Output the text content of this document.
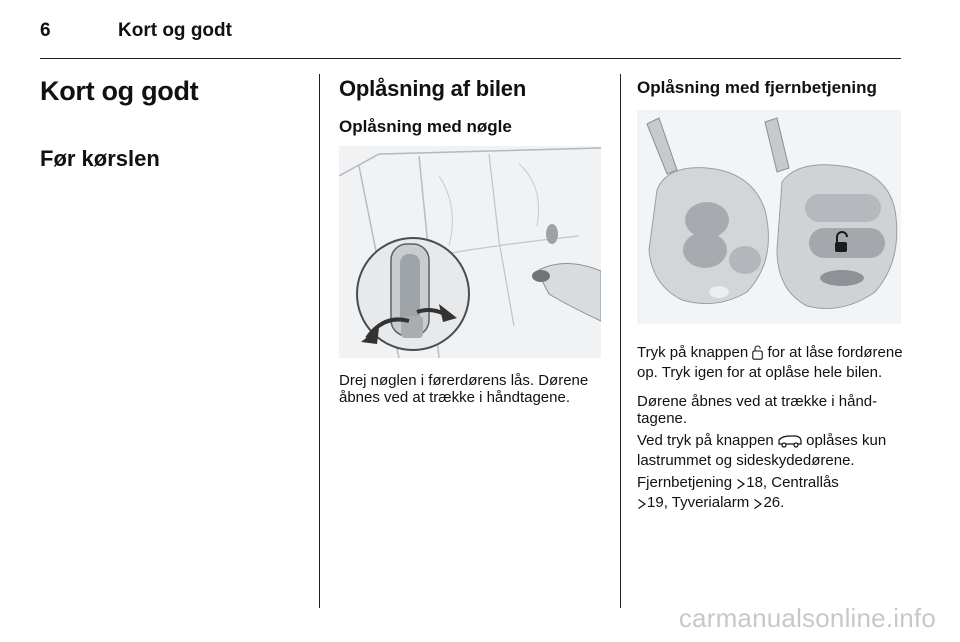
6	Kort og godt
Kort og godt
Før kørslen
Oplåsning af bilen
Oplåsning med nøgle
Drej nøglen i førerdørens lås. Dørene åbnes ved at trække i håndtagene.
Oplåsning med fjernbetjening
Tryk på knappen  for at låse fordørene op. Tryk igen for at oplåse hele bilen.
Dørene åbnes ved at trække i håndtagene.
Ved tryk på knappen  oplåses kun lastrummet og sideskydedørene.
Fjernbetjening 18, Centrallås
19, Tyverialarm 26.
carmanualsonline.info
